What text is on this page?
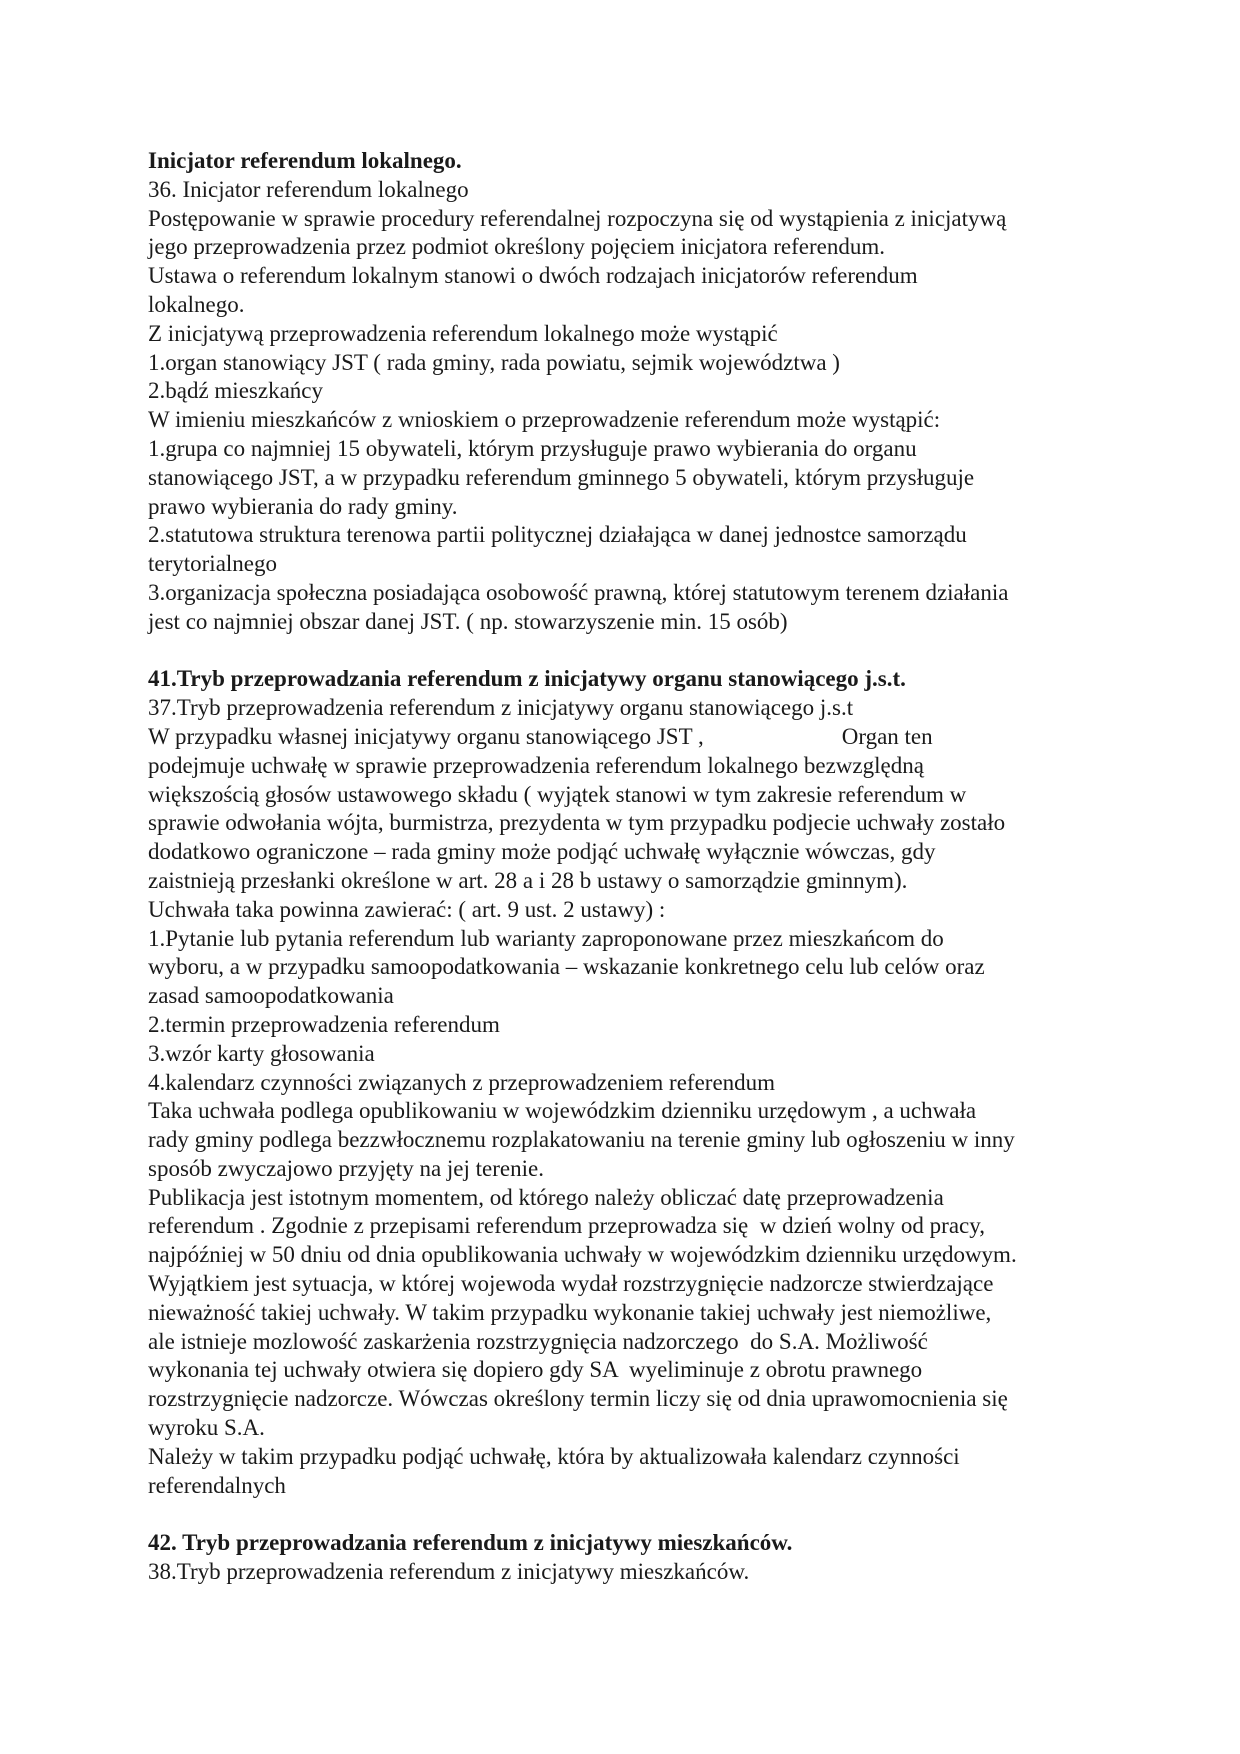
Inicjator referendum lokalnego.
36. Inicjator referendum lokalnego
Postępowanie w sprawie procedury referendalnej rozpoczyna się od wystąpienia z inicjatywą
jego przeprowadzenia przez podmiot określony pojęciem inicjatora referendum.
Ustawa o referendum lokalnym stanowi o dwóch rodzajach inicjatorów referendum
lokalnego.
Z inicjatywą przeprowadzenia referendum lokalnego może wystąpić
1.organ stanowiący JST ( rada gminy, rada powiatu, sejmik województwa )
2.bądź mieszkańcy
W imieniu mieszkańców z wnioskiem o przeprowadzenie referendum może wystąpić:
1.grupa co najmniej 15 obywateli, którym przysługuje prawo wybierania do organu
stanowiącego JST, a w przypadku referendum gminnego 5 obywateli, którym przysługuje
prawo wybierania do rady gminy.
2.statutowa struktura terenowa partii politycznej działająca w danej jednostce samorządu
terytorialnego
3.organizacja społeczna posiadająca osobowość prawną, której statutowym terenem działania
jest co najmniej obszar danej JST. ( np. stowarzyszenie min. 15 osób)
41.Tryb przeprowadzania referendum z inicjatywy organu stanowiącego j.s.t.
37.Tryb przeprowadzenia referendum z inicjatywy organu stanowiącego j.s.t
W przypadku własnej inicjatywy organu stanowiącego JST ,                        Organ ten
podejmuje uchwałę w sprawie przeprowadzenia referendum lokalnego bezwzględną
większością głosów ustawowego składu ( wyjątek stanowi w tym zakresie referendum w
sprawie odwołania wójta, burmistrza, prezydenta w tym przypadku podjecie uchwały zostało
dodatkowo ograniczone – rada gminy może podjąć uchwałę wyłącznie wówczas, gdy
zaistnieją przesłanki określone w art. 28 a i 28 b ustawy o samorządzie gminnym).
Uchwała taka powinna zawierać: ( art. 9 ust. 2 ustawy) :
1.Pytanie lub pytania referendum lub warianty zaproponowane przez mieszkańcom do
wyboru, a w przypadku samoopodatkowania – wskazanie konkretnego celu lub celów oraz
zasad samoopodatkowania
2.termin przeprowadzenia referendum
3.wzór karty głosowania
4.kalendarz czynności związanych z przeprowadzeniem referendum
Taka uchwała podlega opublikowaniu w wojewódzkim dzienniku urzędowym , a uchwała
rady gminy podlega bezzwłocznemu rozplakatowaniu na terenie gminy lub ogłoszeniu w inny
sposób zwyczajowo przyjęty na jej terenie.
Publikacja jest istotnym momentem, od którego należy obliczać datę przeprowadzenia
referendum . Zgodnie z przepisami referendum przeprowadza się  w dzień wolny od pracy,
najpóźniej w 50 dniu od dnia opublikowania uchwały w wojewódzkim dzienniku urzędowym.
Wyjątkiem jest sytuacja, w której wojewoda wydał rozstrzygnięcie nadzorcze stwierdzające
nieważność takiej uchwały. W takim przypadku wykonanie takiej uchwały jest niemożliwe,
ale istnieje mozlowość zaskarżenia rozstrzygnięcia nadzorczego  do S.A. Możliwość
wykonania tej uchwały otwiera się dopiero gdy SA  wyeliminuje z obrotu prawnego
rozstrzygnięcie nadzorcze. Wówczas określony termin liczy się od dnia uprawomocnienia się
wyroku S.A.
Należy w takim przypadku podjąć uchwałę, która by aktualizowała kalendarz czynności
referendalnych
42. Tryb przeprowadzania referendum z inicjatywy mieszkańców.
38.Tryb przeprowadzenia referendum z inicjatywy mieszkańców.
